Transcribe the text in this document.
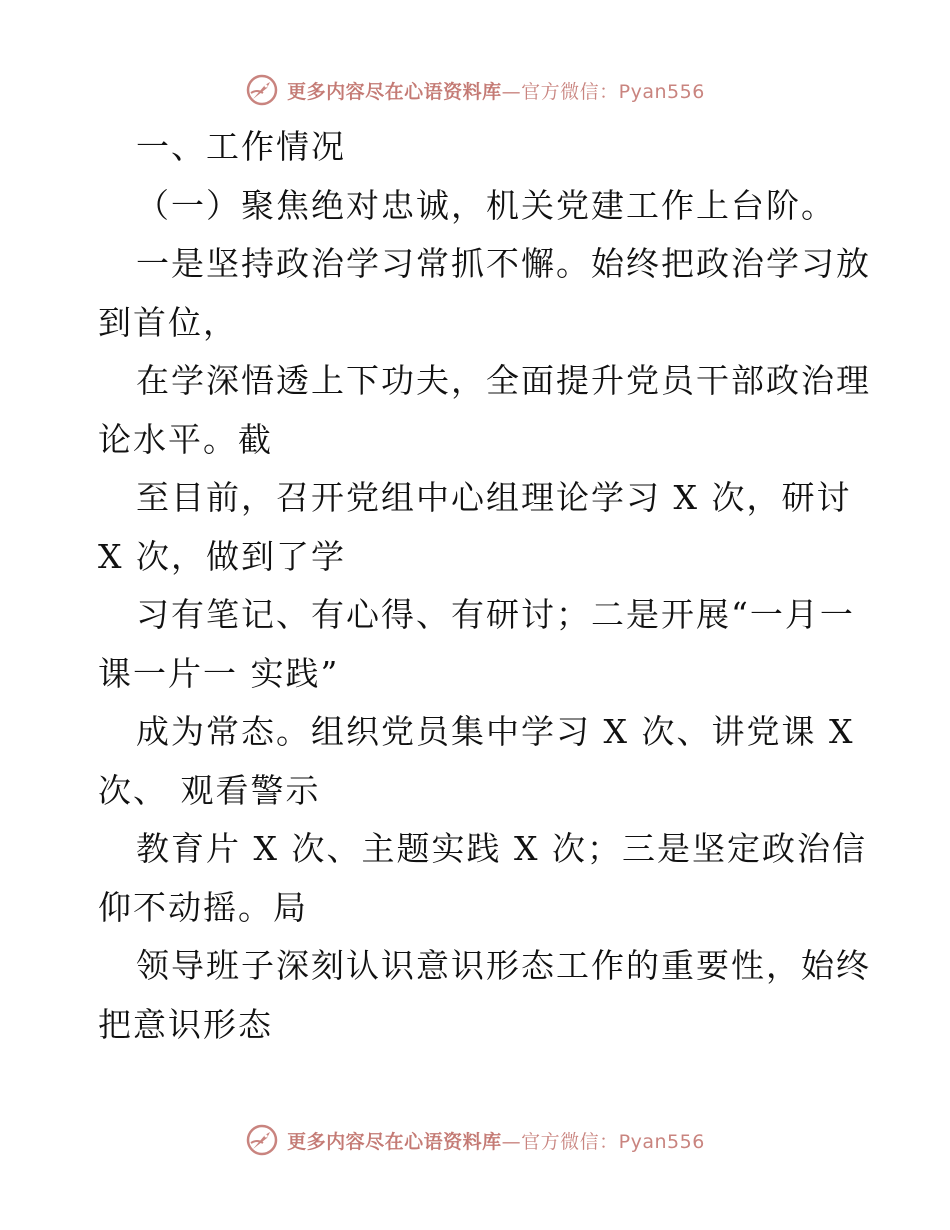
更多内容尽在心语资料库—官方微信：Pyan556
一、工作情况
（一）聚焦绝对忠诚，机关党建工作上台阶。
一是坚持政治学习常抓不懈。始终把政治学习放
到首位，
在学深悟透上下功夫，全面提升党员干部政治理
论水平。截
至目前，召开党组中心组理论学习 X 次，研讨
X 次，做到了学
习有笔记、有心得、有研讨；二是开展“一月一
课一片一 实践”
成为常态。组织党员集中学习 X 次、讲党课 X
次、 观看警示
教育片 X 次、主题实践 X 次；三是坚定政治信
仰不动摇。局
领导班子深刻认识意识形态工作的重要性，始终
把意识形态
更多内容尽在心语资料库—官方微信：Pyan556
